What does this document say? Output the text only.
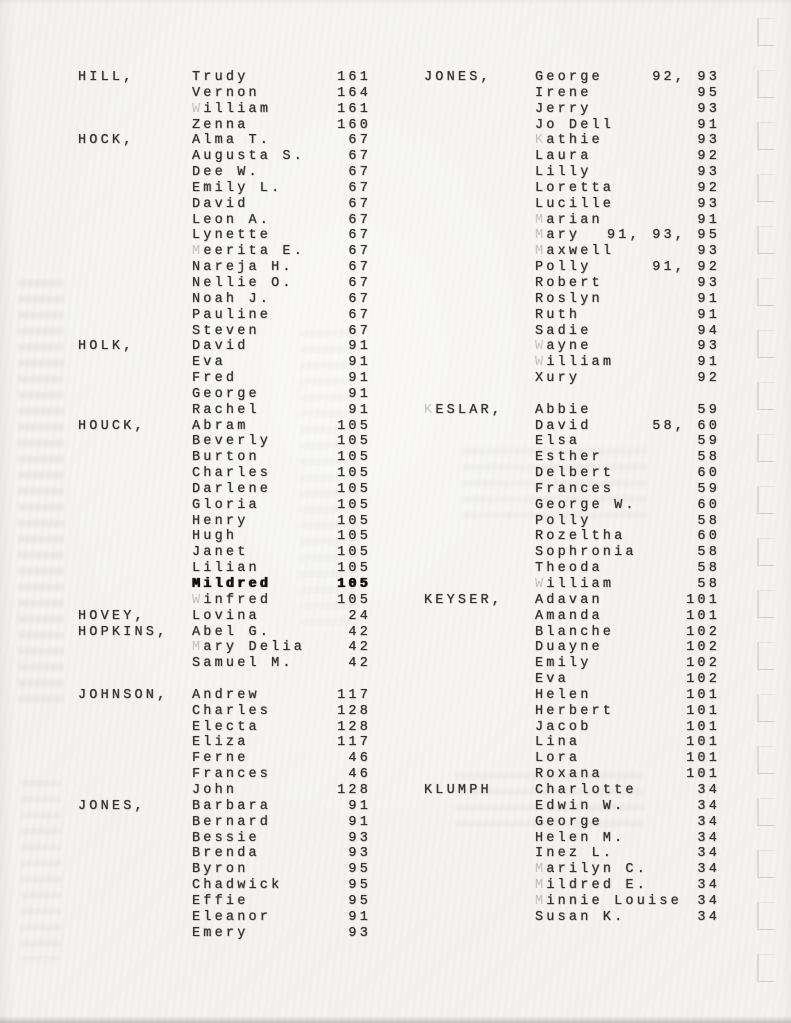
HILL,	Trudy	161
Vernon	164
William	161
Zenna	160
HOCK,	Alma T.	67
Augusta S.	67
Dee W.	67
Emily L.	67
David	67
Leon A.	67
Lynette	67
Meerita E.	67
Nareja H.	67
Nellie O.	67
Noah J.	67
Pauline	67
Steven	67
HOLK,	David	91
Eva	91
Fred	91
George	91
Rachel	91
HOUCK,	Abram	105
Beverly	105
Burton	105
Charles	105
Darlene	105
Gloria	105
Henry	105
Hugh	105
Janet	105
Lilian	105
Mildred	105
Winfred	105
HOVEY,	Lovina	24
HOPKINS,	Abel G.	42
Mary Delia	42
Samuel M.	42
JOHNSON,	Andrew	117
Charles	128
Electa	128
Eliza	117
Ferne	46
Frances	46
John	128
JONES,	Barbara	91
Bernard	91
Bessie	93
Brenda	93
Byron	95
Chadwick	95
Effie	95
Eleanor	91
Emery	93
JONES,	George	92, 93
Irene	95
Jerry	93
Jo Dell	91
Kathie	93
Laura	92
Lilly	93
Loretta	92
Lucille	93
Marian	91
Mary	91, 93, 95
Maxwell	93
Polly	91, 92
Robert	93
Roslyn	91
Ruth	91
Sadie	94
Wayne	93
William	91
Xury	92
KESLAR,	Abbie	59
David	58, 60
Elsa	59
Esther	58
Delbert	60
Frances	59
George W.	60
Polly	58
Rozeltha	60
Sophronia	58
Theoda	58
William	58
KEYSER,	Adavan	101
Amanda	101
Blanche	102
Duayne	102
Emily	102
Eva	102
Helen	101
Herbert	101
Jacob	101
Lina	101
Lora	101
Roxana	101
KLUMPH	Charlotte	34
Edwin W.	34
George	34
Helen M.	34
Inez L.	34
Marilyn C.	34
Mildred E.	34
Minnie Louise	34
Susan K.	34
